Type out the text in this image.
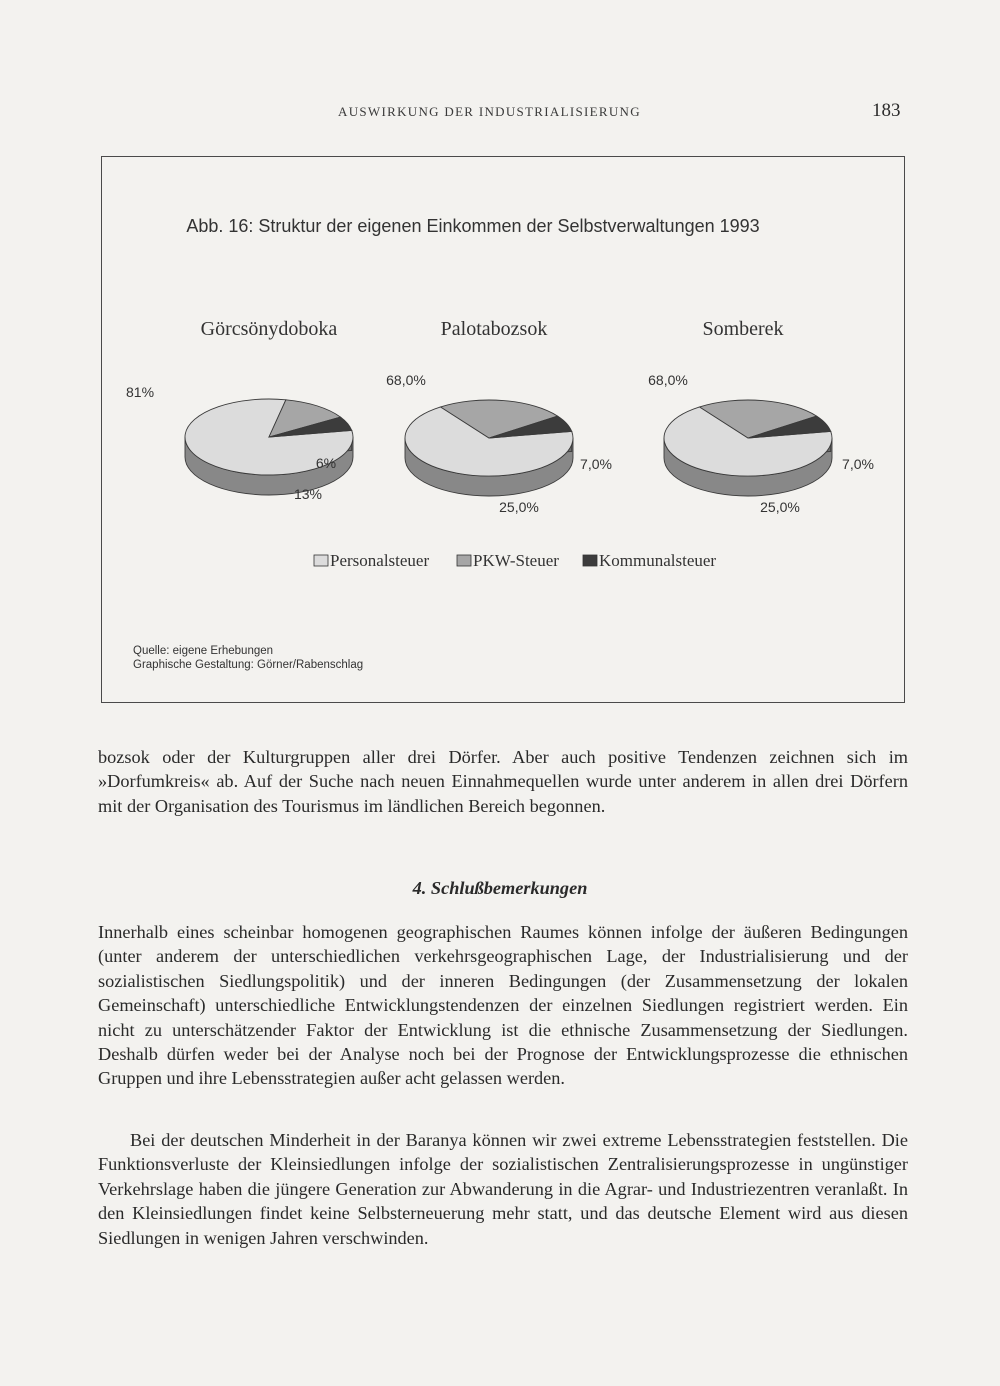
AUSWIRKUNG DER INDUSTRIALISIERUNG	183
Abb. 16: Struktur der eigenen Einkommen der Selbstverwaltungen 1993
Görcsönydoboka
81%
13%
6%
Palotabozsok
68,0%
25,0%
7,0%
Somberek
68,0%
25,0%
7,0%
Personalsteuer	PKW-Steuer Kommunalsteuer
Quelle: eigene Erhebungen
Graphische Gestaltung: Görner/Rabenschlag

bozsok oder der Kulturgruppen aller drei Dörfer. Aber auch positive Tendenzen zeichnen sich im »Dorfumkreis« ab. Auf der Suche nach neuen Einnahmequellen wurde unter anderem in allen drei Dörfern mit der Organisation des Tourismus im ländlichen Bereich begonnen.

4. Schlußbemerkungen

Innerhalb eines scheinbar homogenen geographischen Raumes können infolge der äußeren Bedingungen (unter anderem der unterschiedlichen verkehrsgeographischen Lage, der Industrialisierung und der sozialistischen Siedlungspolitik) und der inneren Bedingungen (der Zusammensetzung der lokalen Gemeinschaft) unterschiedliche Entwicklungstendenzen der einzelnen Siedlungen registriert werden. Ein nicht zu unterschätzender Faktor der Entwicklung ist die ethnische Zusammensetzung der Siedlungen. Deshalb dürfen weder bei der Analyse noch bei der Prognose der Entwicklungsprozesse die ethnischen Gruppen und ihre Lebensstrategien außer acht gelassen werden.

Bei der deutschen Minderheit in der Baranya können wir zwei extreme Lebensstrategien feststellen. Die Funktionsverluste der Kleinsiedlungen infolge der sozialistischen Zentralisierungsprozesse in ungünstiger Verkehrslage haben die jüngere Generation zur Abwanderung in die Agrar- und Industriezentren veranlaßt. In den Kleinsiedlungen findet keine Selbsterneuerung mehr statt, und das deutsche Element wird aus diesen Siedlungen in wenigen Jahren verschwinden.
